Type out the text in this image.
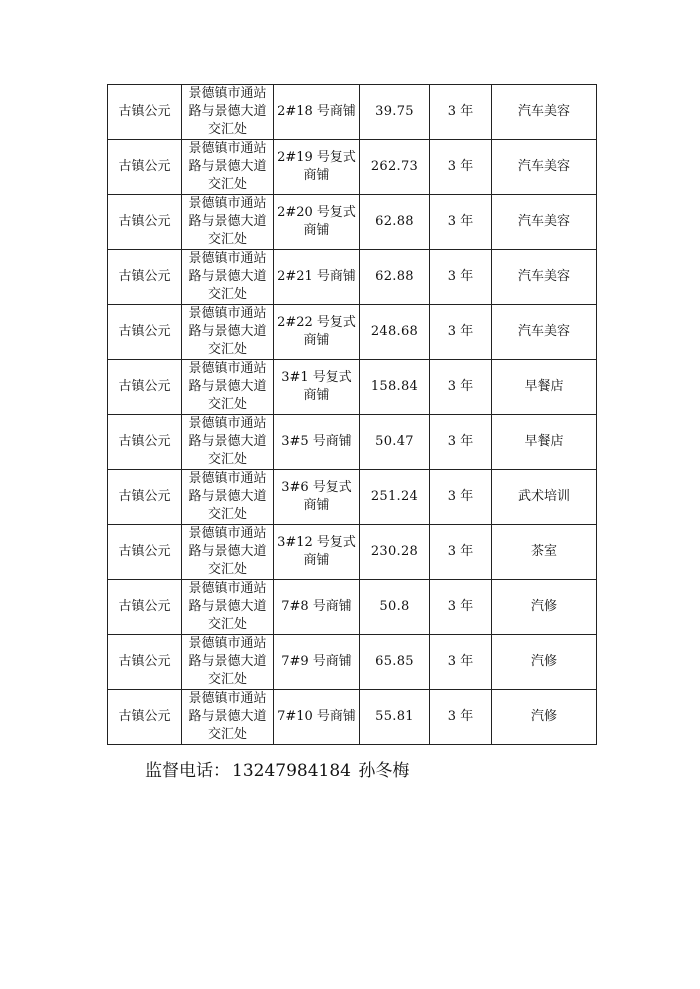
古镇公元	景德镇市通站路与景德大道交汇处	2#18 号商铺	39.75	3 年	汽车美容
古镇公元	景德镇市通站路与景德大道交汇处	2#19 号复式商铺	262.73	3 年	汽车美容
古镇公元	景德镇市通站路与景德大道交汇处	2#20 号复式商铺	62.88	3 年	汽车美容
古镇公元	景德镇市通站路与景德大道交汇处	2#21 号商铺	62.88	3 年	汽车美容
古镇公元	景德镇市通站路与景德大道交汇处	2#22 号复式商铺	248.68	3 年	汽车美容
古镇公元	景德镇市通站路与景德大道交汇处	3#1 号复式商铺	158.84	3 年	早餐店
古镇公元	景德镇市通站路与景德大道交汇处	3#5 号商铺	50.47	3 年	早餐店
古镇公元	景德镇市通站路与景德大道交汇处	3#6 号复式商铺	251.24	3 年	武术培训
古镇公元	景德镇市通站路与景德大道交汇处	3#12 号复式商铺	230.28	3 年	茶室
古镇公元	景德镇市通站路与景德大道交汇处	7#8 号商铺	50.8	3 年	汽修
古镇公元	景德镇市通站路与景德大道交汇处	7#9 号商铺	65.85	3 年	汽修
古镇公元	景德镇市通站路与景德大道交汇处	7#10 号商铺	55.81	3 年	汽修
监督电话： 13247984184 孙冬梅
